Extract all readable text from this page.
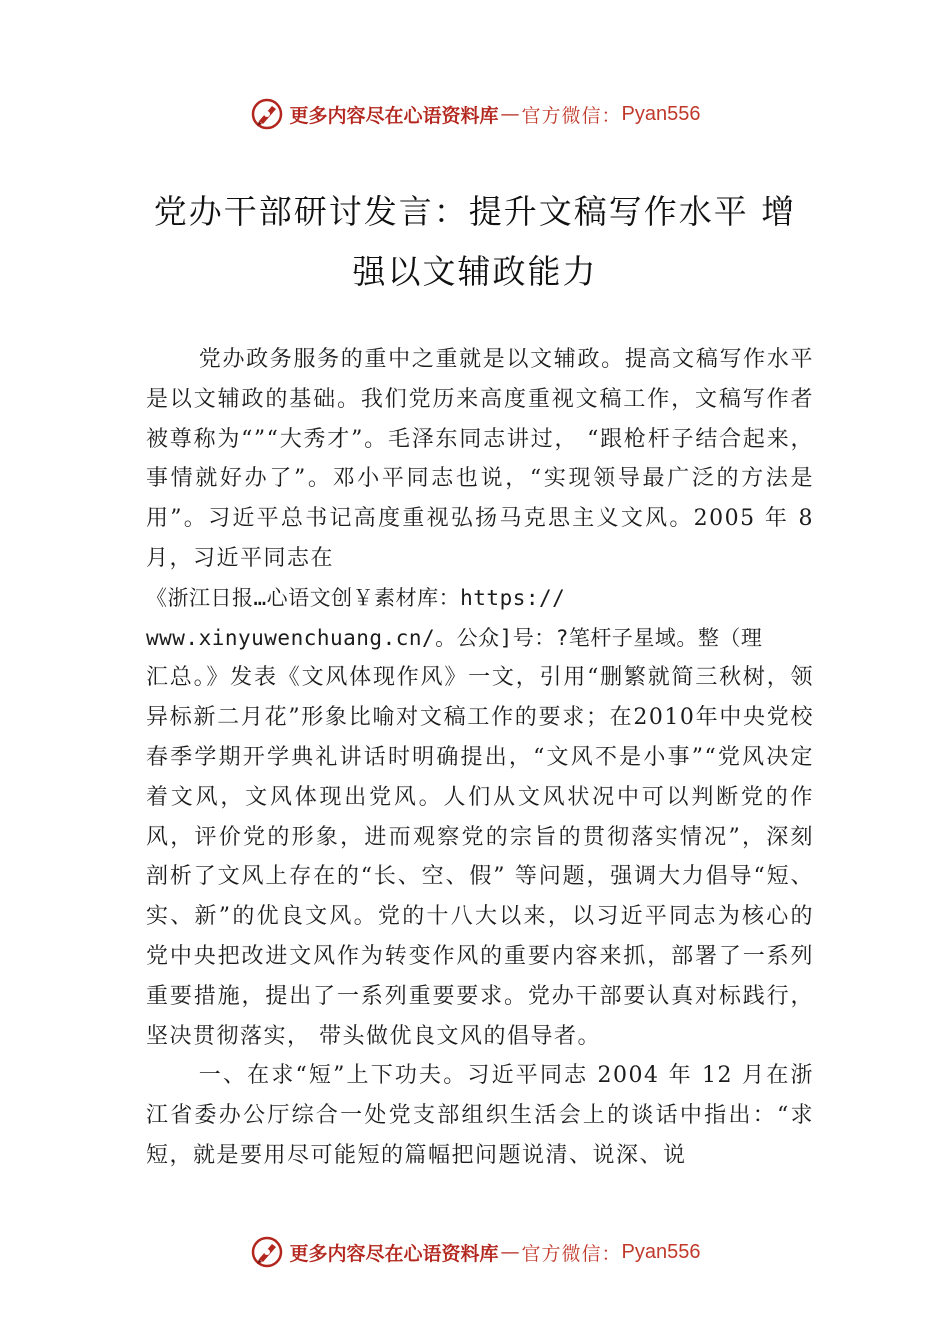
更多内容尽在心语资料库 — 官方微信： Pyan556
党办干部研讨发言：提升文稿写作水平 增
强以文辅政能力

党办政务服务的重中之重就是以文辅政。提高文稿写作水平是以文辅政的基础。我们党历来高度重视文稿工作，文稿写作者被尊称为“”“大秀才”。毛泽东同志讲过， “跟枪杆子结合起来，事情就好办了”。邓小平同志也说，“实现领导最广泛的方法是用”。习近平总书记高度重视弘扬马克思主义文风。2005 年 8 月，习近平同志在

《浙江日报…心语文创￥素材库：https://

www.xinyuwenchuang.cn/。公众]号：?笔杆子星域。整（理

汇总。》发表《文风体现作风》一文，引用“删繁就简三秋树，领异标新二月花”形象比喻对文稿工作的要求；在2010年中央党校春季学期开学典礼讲话时明确提出，“文风不是小事”“党风决定着文风，文风体现出党风。人们从文风状况中可以判断党的作风，评价党的形象，进而观察党的宗旨的贯彻落实情况”，深刻剖析了文风上存在的“长、空、假” 等问题，强调大力倡导“短、实、新”的优良文风。党的十八大以来，以习近平同志为核心的党中央把改进文风作为转变作风的重要内容来抓，部署了一系列重要措施，提出了一系列重要要求。党办干部要认真对标践行，坚决贯彻落实， 带头做优良文风的倡导者。

一、在求“短”上下功夫。习近平同志 2004 年 12 月在浙江省委办公厅综合一处党支部组织生活会上的谈话中指出：“求短，就是要用尽可能短的篇幅把问题说清、说深、说

更多内容尽在心语资料库 — 官方微信： Pyan556
